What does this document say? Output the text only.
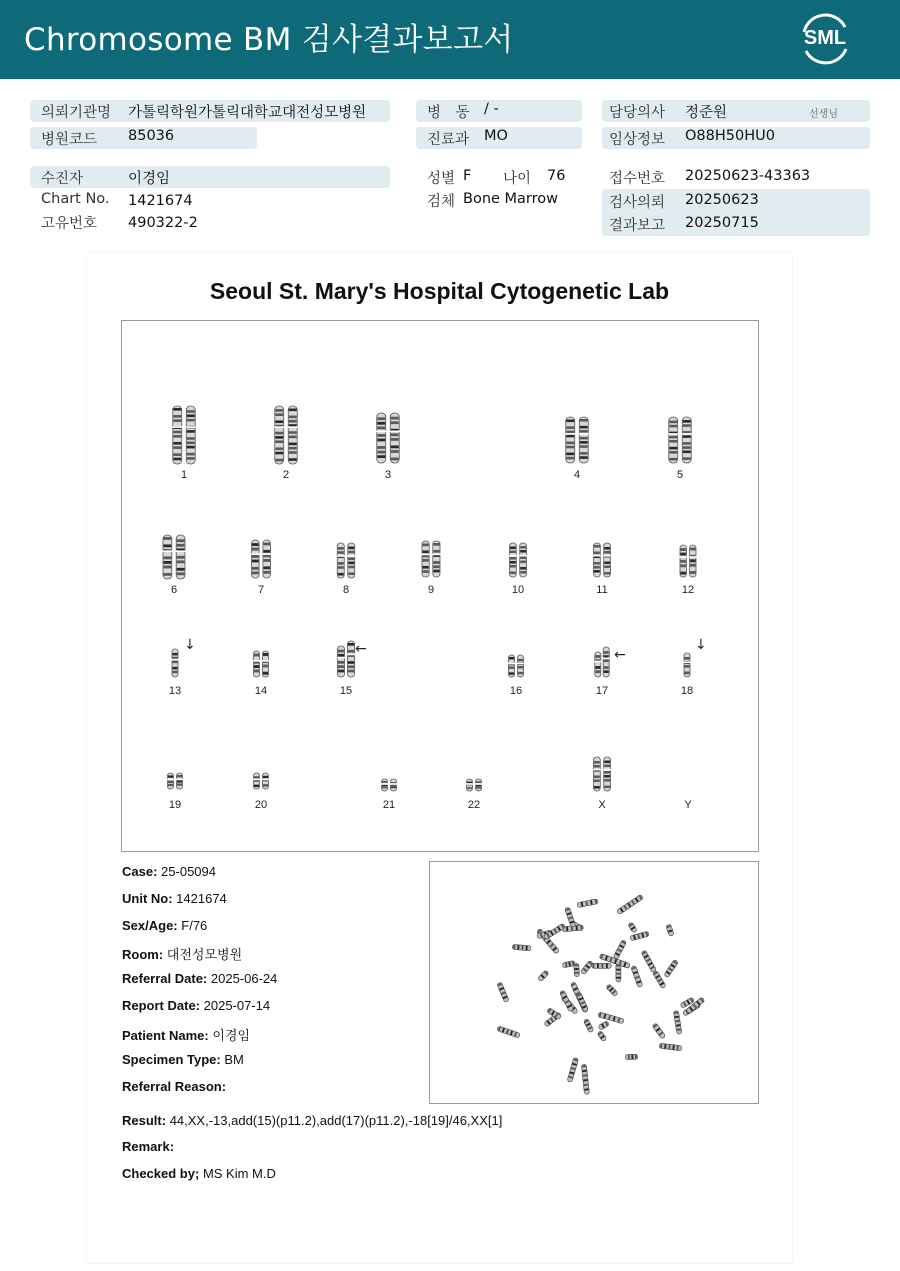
Chromosome BM 검사결과보고서	SML
의뢰기관명 가톨릭학원가톨릭대학교대전성모병원
병원코드 85036
병 동 / -
진료과 MO
담당의사 정준원	선생님
임상정보 O88H50HU0
수진자	이경임
Chart No. 1421674
고유번호 490322-2
성별 F 나이 76
검체 Bone Marrow
접수번호 20250623-43363
검사의뢰 20250623
결과보고 20250715
Seoul St. Mary's Hospital Cytogenetic Lab
1	2	3	4	5
6	7	8	9	10	11	12
13	14	15	16	17	18
19	20	21	22	X	Y
↓	←	←
↓
Case: 25-05094
Unit No: 1421674
Sex/Age: F/76
Room: 대전성모병원
Referral Date: 2025-06-24
Report Date: 2025-07-14
Patient Name: 이경임
Specimen Type: BM
Referral Reason:
Result: 44,XX,-13,add(15)(p11.2),add(17)(p11.2),-18[19]/46,XX[1]
Remark:
Checked by; MS Kim M.D
